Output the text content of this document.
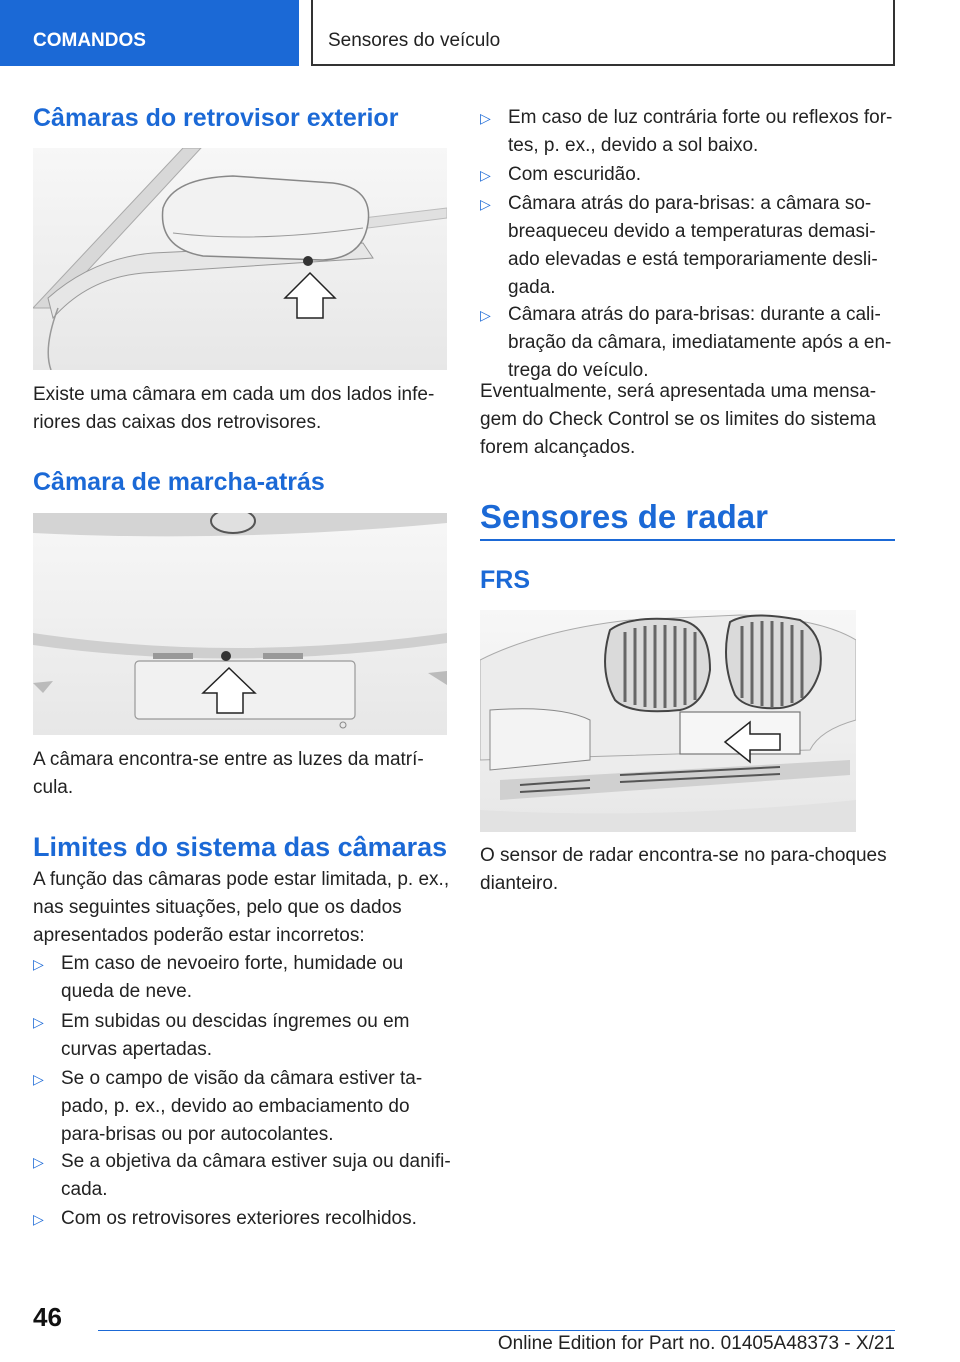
COMANDOS	Sensores do veículo
Câmaras do retrovisor exterior
Existe uma câmara em cada um dos lados infe-
riores das caixas dos retrovisores.
Câmara de marcha-atrás
A câmara encontra-se entre as luzes da matrí-
cula.
Limites do sistema das câmaras
A função das câmaras pode estar limitada, p. ex.,
nas seguintes situações, pelo que os dados
apresentados poderão estar incorretos:
▷ Em caso de nevoeiro forte, humidade ou
queda de neve.
▷ Em subidas ou descidas íngremes ou em
curvas apertadas.
▷ Se o campo de visão da câmara estiver ta-
pado, p. ex., devido ao embaciamento do
para-brisas ou por autocolantes.
▷ Se a objetiva da câmara estiver suja ou danifi-
cada.
▷ Com os retrovisores exteriores recolhidos.
▷ Em caso de luz contrária forte ou reflexos for-
tes, p. ex., devido a sol baixo.
▷ Com escuridão.
▷ Câmara atrás do para-brisas: a câmara so-
breaqueceu devido a temperaturas demasi-
ado elevadas e está temporariamente desli-
gada.
▷ Câmara atrás do para-brisas: durante a cali-
bração da câmara, imediatamente após a en-
trega do veículo.
Eventualmente, será apresentada uma mensa-
gem do Check Control se os limites do sistema
forem alcançados.
Sensores de radar
FRS
O sensor de radar encontra-se no para-choques
dianteiro.
46
Online Edition for Part no. 01405A48373 - X/21
